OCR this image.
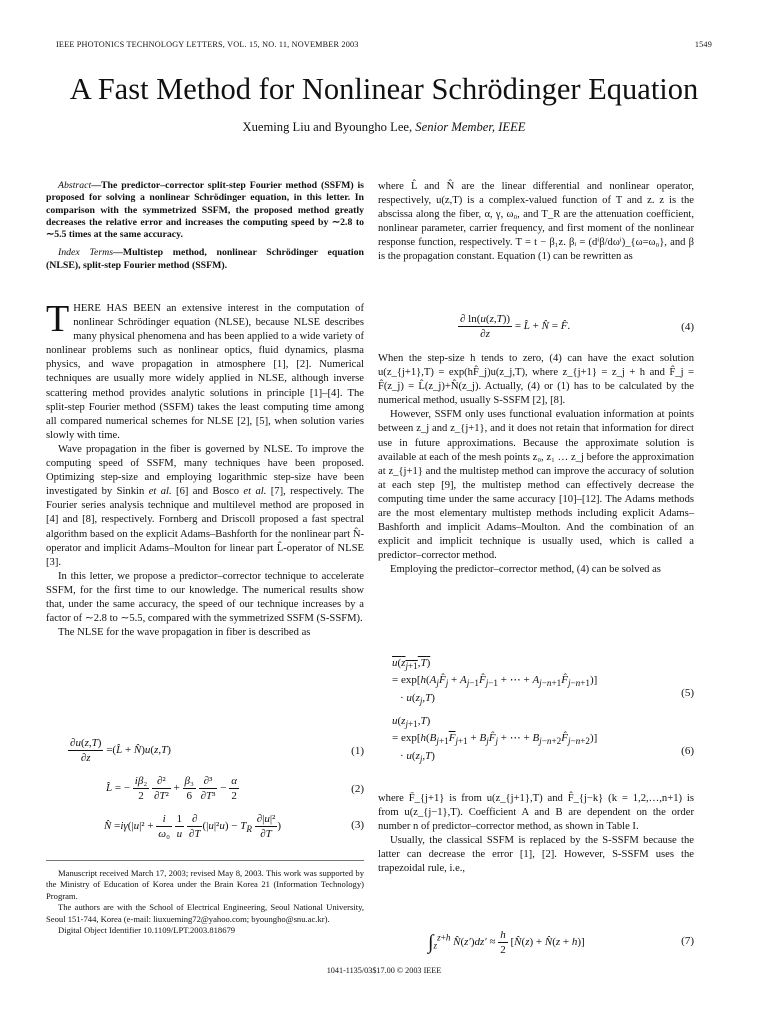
IEEE PHOTONICS TECHNOLOGY LETTERS, VOL. 15, NO. 11, NOVEMBER 2003	1549
A Fast Method for Nonlinear Schrödinger Equation
Xueming Liu and Byoungho Lee, Senior Member, IEEE

Abstract—The predictor–corrector split-step Fourier method (SSFM) is proposed for solving a nonlinear Schrödinger equation, in this letter. In comparison with the symmetrized SSFM, the proposed method greatly decreases the relative error and increases the computing speed by ∼2.8 to ∼5.5 times at the same accuracy.

Index Terms—Multistep method, nonlinear Schrödinger equation (NLSE), split-step Fourier method (SSFM).

THERE HAS BEEN an extensive interest in the computation of nonlinear Schrödinger equation (NLSE), because NLSE describes many physical phenomena and has been applied to a wide variety of nonlinear problems such as nonlinear optics, fluid dynamics, plasma physics, and wave propagation in atmosphere [1], [2]. Numerical techniques are usually more widely applied in NLSE, although inverse scattering method provides analytic solutions in principle [1]–[4]. The split-step Fourier method (SSFM) takes the least computing time among all compared numerical schemes for NLSE [2], [5], when solution varies slowly with time.

Wave propagation in the fiber is governed by NLSE. To improve the computing speed of SSFM, many techniques have been proposed. Optimizing step-size and employing logarithmic step-size have been investigated by Sinkin et al. [6] and Bosco et al. [7], respectively. The Fourier series analysis technique and multilevel method are proposed in [4] and [8], respectively. Fornberg and Driscoll proposed a fast spectral algorithm based on the explicit Adams–Bashforth for the nonlinear part N̂-operator and implicit Adams–Moulton for linear part L̂-operator of NLSE [3].

In this letter, we propose a predictor–corrector technique to accelerate SSFM, for the first time to our knowledge. The numerical results show that, under the same accuracy, the speed of our technique increases by a factor of ∼2.8 to ∼5.5, compared with the symmetrized SSFM (S-SSFM).

The NLSE for the wave propagation in fiber is described as

$\frac{\partial u(z,T)}{\partial z}$ =(L̂ + N̂)u(z,T)	(1)
L̂ = − $\frac{\text{iβ₂}}{2}$
$\frac{\text{∂²}}{\text{∂T²}} + \frac{\text{β₃}}{6}$
$\frac{\text{∂³}}{\text{∂T³}} - \frac{\alpha}{2}$	(2)
N̂ $=i\gamma(|u|^2 + \frac{i}{\text{ω₀}}$
$\frac{1}{u}$
$\frac{\partial}{\partial T} (|u|^2u) - T_R \frac{\text{∂|u|²}}{\partial T}$ )	(3)

Manuscript received March 17, 2003; revised May 8, 2003. This work was supported by the Ministry of Education of Korea under the Brain Korea 21 (Information Technology) Program.

The authors are with the School of Electrical Engineering, Seoul National University, Seoul 151-744, Korea (e-mail: liuxueming72@yahoo.com; byoungho@snu.ac.kr).

Digital Object Identifier 10.1109/LPT.2003.818679

where L̂ and N̂ are the linear differential and nonlinear operator, respectively, u(z,T) is a complex-valued function of T and z. z is the abscissa along the fiber, α, γ, ω₀, and T_R are the attenuation coefficient, nonlinear parameter, carrier frequency, and first moment of the nonlinear response function, respectively. T = t − β₁z. βᵢ = (dⁱβ/dωⁱ)_{ω=ω₀}, and β is the propagation constant. Equation (1) can be rewritten as

$\frac{\partial \ln(u(z,T))}{\partial z}$ = L̂ + N̂ = F̂.	(4)

When the step-size h tends to zero, (4) can have the exact solution u(z_{j+1},T) = exp(hF̂_j)u(z_j,T), where z_{j+1} = z_j + h and F̂_j = F̂(z_j) = L̂(z_j)+N̂(z_j). Actually, (4) or (1) has to be calculated by the numerical method, usually S-SSFM [2], [8].

However, SSFM only uses functional evaluation information at points between z_j and z_{j+1}, and it does not retain that information for direct use in future approximations. Because the approximate solution is available at each of the mesh points z₀, z₁ … z_j before the approximation at z_{j+1} and the multistep method can improve the accuracy of solution at each step [9], the multistep method can effectively decrease the computing time under the same accuracy [10]–[12]. The Adams methods are the most elementary multistep methods including explicit Adams–Bashforth and implicit Adams–Moulton. And the combination of an explicit and implicit technique is usually used, which is called a predictor–corrector method.

Employing the predictor–corrector method, (4) can be solved as

$u(z_{j+1},T)$
= $\exp[h(A_jF̂_j$ + $A_{j-1}F̂_{j-1}$ + ⋯ + $A_{j-n+1}F̂_{j-n+1}$)]
· $u(z_j,T)$	(5)
$u(z_{j+1},T)$
= $\exp[h(B_{j+1}\overline{F}_{j+1}$ + $B_jF̂_j$ + ⋯ + $B_{j-n+2}F̂_{j-n+2}$)]
· $u(z_j,T)$	(6)

where F̄_{j+1} is from u(z_{j+1},T) and F̂_{j−k} (k = 1,2,…,n+1) is from u(z_{j−1},T). Coefficient A and B are dependent on the order number n of predictor–corrector method, as shown in Table I.

Usually, the classical SSFM is replaced by the S-SSFM because the latter can decrease the error [1], [2]. However, S-SSFM uses the trapezoidal rule, i.e.,

$\int_z^{z+h}$ N̂(z′)dz′ ≈ $\frac{h}{2}$ [N̂(z) + N̂(z + h)]	(7)
1041-1135/03$17.00 © 2003 IEEE
